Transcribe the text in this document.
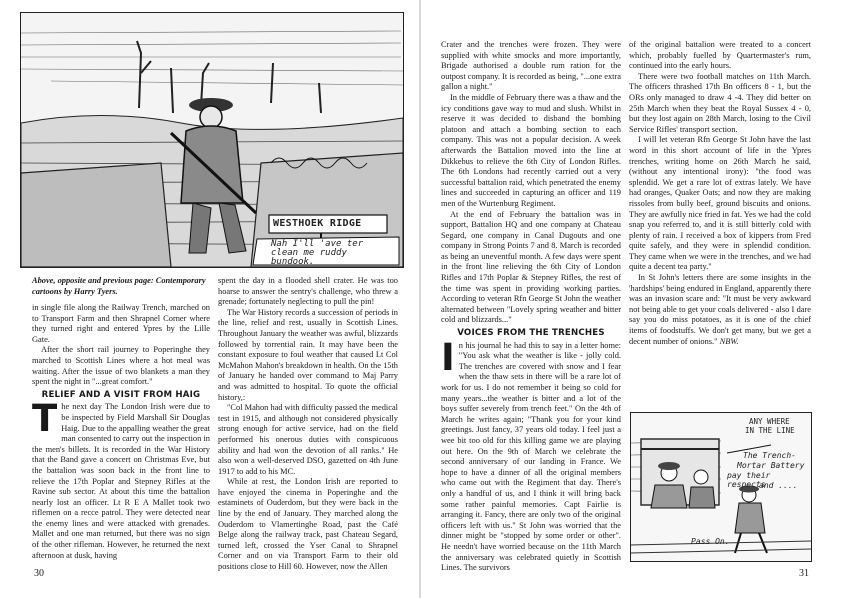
WESTHOEK RIDGE
Nah I'll 'ave ter
clean me ruddy
bundook.
Above, opposite and previous page: Contemporary
cartoons by Harry Tyers.

in single file along the Railway Trench, marched on to Transport Farm and then Shrapnel Corner where they turned right and entered Ypres by the Lille Gate.

After the short rail journey to Poperinghe they marched to Scottish Lines where a hot meal was waiting. After the issue of two blankets a man they spent the night in "...great comfort."

RELIEF AND A VISIT FROM HAIG

The next day The London Irish were due to be inspected by Field Marshall Sir Douglas Haig. Due to the appalling weather the great man consented to carry out the inspection in the men's billets. It is recorded in the War History that the Band gave a concert on Christmas Eve, but the battalion was soon back in the front line to relieve the 17th Poplar and Stepney Rifles at the Ravine sub sector. At about this time the battalion nearly lost an officer. Lt R E A Mallet took two riflemen on a recce patrol. They were detected near the enemy lines and were attacked with grenades. Mallet and one man returned, but there was no sign of the other rifleman. However, he returned the next afternoon at dusk, having

spent the day in a flooded shell crater. He was too hoarse to answer the sentry's challenge, who threw a grenade; fortunately neglecting to pull the pin!

The War History records a succession of periods in the line, relief and rest, usually in Scottish Lines. Throughout January the weather was awful, blizzards followed by torrential rain. It may have been the constant exposure to foul weather that caused Lt Col McMahon Mahon's breakdown in health. On the 15th of January he handed over command to Maj Parry and was admitted to hospital. To quote the official history,:

"Col Mahon had with difficulty passed the medical test in 1915, and although not considered physically strong enough for active service, had on the field performed his onerous duties with conspicuous ability and had won the devotion of all ranks." He also won a well-deserved DSO, gazetted on 4th June 1917 to add to his MC.

While at rest, the London Irish are reported to have enjoyed the cinema in Poperinghe and the estaminets of Ouderdom, but they were back in the line by the end of January. They marched along the Ouderdom to Vlamertinghe Road, past the Café Belge along the railway track, past Chateau Segard, turned left, crossed the Yser Canal to Shrapnel Corner and on via Transport Farm to their old positions close to Hill 60. However, now the Allen

30

Crater and the trenches were frozen. They were supplied with white smocks and more importantly, Brigade authorised a double rum ration for the outpost company. It is recorded as being, "...one extra gallon a night."

In the middle of February there was a thaw and the icy conditions gave way to mud and slush. Whilst in reserve it was decided to disband the bombing platoon and attach a bombing section to each company. This was not a popular decision. A week afterwards the Battalion moved into the line at Dikkebus to relieve the 6th City of London Rifles. The 6th Londons had recently carried out a very successful battalion raid, which penetrated the enemy lines and succeeded in capturing an officer and 119 men of the Wurtenburg Regiment.

At the end of February the battalion was in support, Battalion HQ and one company at Chateau Segard, one company in Canal Dugouts and one company in Strong Points 7 and 8. March is recorded as being an uneventful month. A few days were spent in the front line relieving the 6th City of London Rifles and 17th Poplar & Stepney Rifles, the rest of the time was spent in providing working parties. According to veteran Rfn George St John the weather alternated between "Lovely spring weather and bitter cold and blizzards..."

VOICES FROM THE TRENCHES

In his journal he had this to say in a letter home: "You ask what the weather is like - jolly cold. The trenches are covered with snow and I fear when the thaw sets in there will be a rare lot of work for us. I do not remember it being so cold for many years...the weather is bitter and a lot of the boys suffer severely from trench feet." On the 4th of March he writes again; "Thank you for your kind greetings. Just fancy, 37 years old today. I feel just a wee bit too old for this killing game we are playing out here. On the 9th of March we celebrate the second anniversary of our landing in France. We hope to have a dinner of all the original members who came out with the Regiment that day. There's only a handful of us, and I think it will bring back some rather painful memories. Capt Fairlie is arranging it. Fancy, there are only two of the original officers left with us." St John was worried that the dinner might be "stopped by some order or other". He needn't have worried because on the 11th March the anniversary was celebrated quietly in Scottish Lines. The survivors

of the original battalion were treated to a concert which, probably fuelled by Quartermaster's rum, continued into the early hours.

There were two football matches on 11th March. The officers thrashed 17th Bn officers 8 - 1, but the ORs only managed to draw 4 -4. They did better on 25th March when they beat the Royal Sussex 4 - 0, but they lost again on 28th March, losing to the Civil Service Rifles' transport section.

I will let veteran Rfn George St John have the last word in this short account of life in the Ypres trenches, writing home on 26th March he said, (without any intentional irony): "the food was splendid. We get a rare lot of extras lately. We have had oranges, Quaker Oats; and now they are making rissoles from bully beef, ground biscuits and onions. They are awfully nice fried in fat. Yes we had the cold snap you referred to, and it is still bitterly cold with plenty of rain. I received a box of kippers from Fred quite safely, and they were in splendid condition. They came when we were in the trenches, and we had quite a decent tea party."

In St John's letters there are some insights in the 'hardships' being endured in England, apparently there was an invasion scare and: "It must be very awkward not being able to get your coals delivered - also I dare say you do miss potatoes, as it is one of the chief items of foodstuffs. We don't get many, but we get a decent number of onions." NBW.

ANY WHERE
IN THE LINE
The Trench-
Mortar Battery
pay their respects
and ....
Pass On.
31
